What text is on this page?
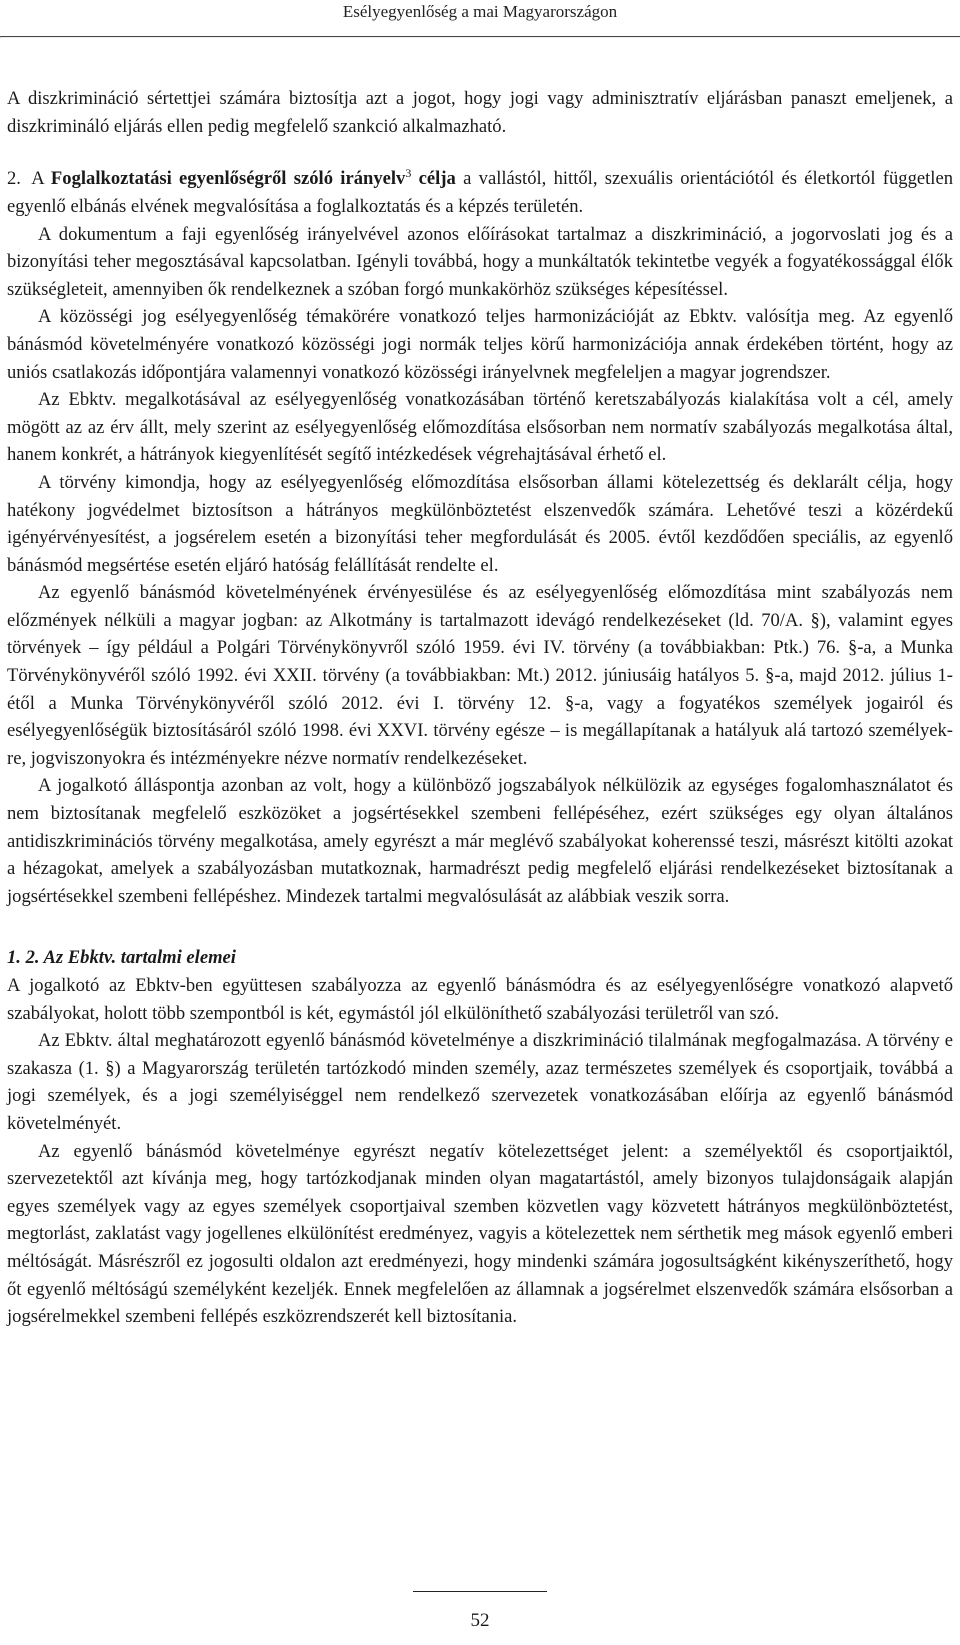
Esélyegyenlőség a mai Magyarországon

A diszkrimináció sértettjei számára biztosítja azt a jogot, hogy jogi vagy adminisztratív eljárásban panaszt emeljenek, a diszkrimináló eljárás ellen pedig megfelelő szankció alkalmazható.

2. A Foglalkoztatási egyenlőségről szóló irányelv$^3$ célja a vallástól, hittől, szexuális orientációtól és életkortól független egyenlő elbánás elvének megvalósítása a foglalkoztatás és a képzés területén.

A dokumentum a faji egyenlőség irányelvével azonos előírásokat tartalmaz a diszkrimináció, a jogorvoslati jog és a bizonyítási teher megosztásával kapcsolatban. Igényli továbbá, hogy a munkáltatók tekintetbe vegyék a fogyatékossággal élők szükségleteit, amennyiben ők rendelkeznek a szóban forgó munkakörhöz szükséges képesítéssel.

A közösségi jog esélyegyenlőség témakörére vonatkozó teljes harmonizációját az Ebktv. valósítja meg. Az egyenlő bánásmód követelményére vonatkozó közösségi jogi normák teljes körű harmonizációja annak érdekében történt, hogy az uniós csatlakozás időpontjára valamennyi vonatkozó közösségi irányelvnek megfeleljen a magyar jogrendszer.

Az Ebktv. megalkotásával az esélyegyenlőség vonatkozásában történő keretszabályozás kialakítása volt a cél, amely mögött az az érv állt, mely szerint az esélyegyenlőség előmozdítása elsősorban nem normatív szabályozás megalkotása által, hanem konkrét, a hátrányok kiegyenlítését segítő intézkedések végrehajtásával érhető el.

A törvény kimondja, hogy az esélyegyenlőség előmozdítása elsősorban állami kötelezettség és deklarált célja, hogy hatékony jogvédelmet biztosítson a hátrányos megkülönböztetést elszenvedők számára. Lehetővé teszi a közérdekű igényérvényesítést, a jogsérelem esetén a bizonyítási teher megfordulását és 2005. évtől kezdődően speciális, az egyenlő bánásmód megsértése esetén eljáró hatóság felállítását rendelte el.

Az egyenlő bánásmód követelményének érvényesülése és az esélyegyenlőség előmozdítása mint szabályozás nem előzmények nélküli a magyar jogban: az Alkotmány is tartalmazott idevágó rendelkezéseket (ld. 70/A. §), valamint egyes törvények – így például a Polgári Törvénykönyvről szóló 1959. évi IV. törvény (a továbbiakban: Ptk.) 76. §-a, a Munka Törvénykönyvéről szóló 1992. évi XXII. törvény (a továbbiakban: Mt.) 2012. júniusáig hatályos 5. §-a, majd 2012. július 1-étől a Munka Törvénykönyvéről szóló 2012. évi I. törvény 12. §-a, vagy a fogyatékos személyek jogairól és esélyegyenlőségük biztosításáról szóló 1998. évi XXVI. törvény egésze – is megállapítanak a hatályuk alá tartozó személyekre, jogviszonyokra és intézményekre nézve normatív rendelkezéseket.

A jogalkotó álláspontja azonban az volt, hogy a különböző jogszabályok nélkülözik az egységes fogalomhasználatot és nem biztosítanak megfelelő eszközöket a jogsértésekkel szembeni fellépéséhez, ezért szükséges egy olyan általános antidiszkriminációs törvény megalkotása, amely egyrészt a már meglévő szabályokat koherenssé teszi, másrészt kitölti azokat a hézagokat, amelyek a szabályozásban mutatkoznak, harmadrészt pedig megfelelő eljárási rendelkezéseket biztosítanak a jogsértésekkel szembeni fellépéshez. Mindezek tartalmi megvalósulását az alábbiak veszik sorra.

1. 2. Az Ebktv. tartalmi elemei

A jogalkotó az Ebktv-ben együttesen szabályozza az egyenlő bánásmódra és az esélyegyenlőségre vonatkozó alapvető szabályokat, holott több szempontból is két, egymástól jól elkülöníthető szabályozási területről van szó.

Az Ebktv. által meghatározott egyenlő bánásmód követelménye a diszkrimináció tilalmának megfogalmazása. A törvény e szakasza (1. §) a Magyarország területén tartózkodó minden személy, azaz természetes személyek és csoportjaik, továbbá a jogi személyek, és a jogi személyiséggel nem rendelkező szervezetek vonatkozásában előírja az egyenlő bánásmód követelményét.

Az egyenlő bánásmód követelménye egyrészt negatív kötelezettséget jelent: a személyektől és csoportjaiktól, szervezetektől azt kívánja meg, hogy tartózkodjanak minden olyan magatartástól, amely bizonyos tulajdonságaik alapján egyes személyek vagy az egyes személyek csoportjaival szemben közvetlen vagy közvetett hátrányos megkülönböztetést, megtorlást, zaklatást vagy jogellenes elkülönítést eredményez, vagyis a kötelezettek nem sérthetik meg mások egyenlő emberi méltóságát. Másrészről ez jogosulti oldalon azt eredményezi, hogy mindenki számára jogosultságként kikényszeríthető, hogy őt egyenlő méltóságú személyként kezeljék. Ennek megfelelően az államnak a jogsérelmet elszenvedők számára elsősorban a jogsérelmekkel szembeni fellépés eszközrendszerét kell biztosítania.

52
